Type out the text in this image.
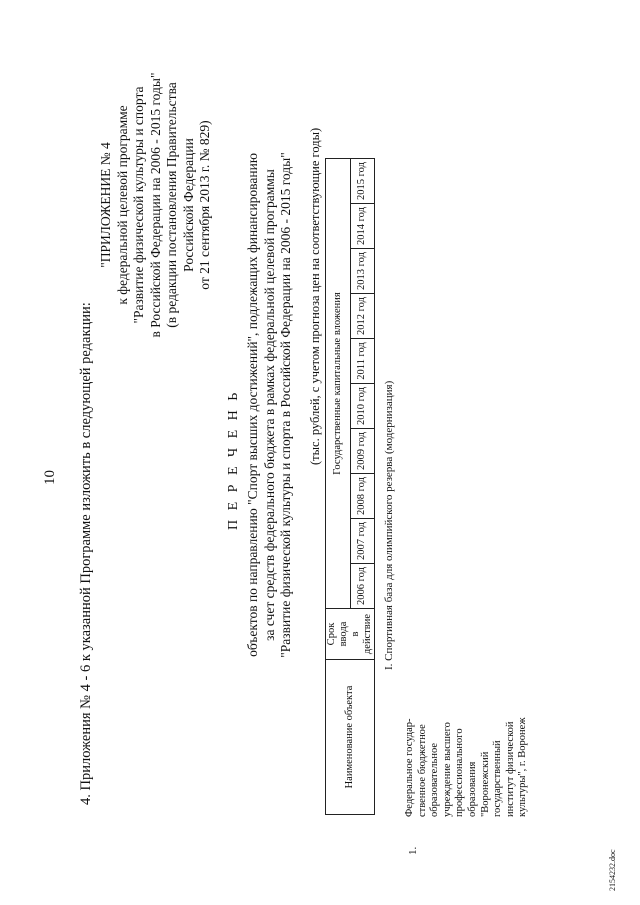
10 4. Приложения № 4 - 6 к указанной Программе изложить в следующей редакции:
"ПРИЛОЖЕНИЕ № 4 к федеральной целевой программе "Развитие физической культуры и спорта в Российской Федерации на 2006 - 2015 годы" (в редакции постановления Правительства Российской Федерации от 21 сентября 2013 г. № 829)
П Е Р Е Ч Е Н Ь объектов по направлению "Спорт высших достижений", подлежащих финансированию за счет средств федерального бюджета в рамках федеральной целевой программы "Развитие физической культуры и спорта в Российской Федерации на 2006 - 2015 годы" (тыс. рублей, с учетом прогноза цен на соответствующие годы)
Наименование объекта	Срок ввода в действие	Государственные капитальные вложения									
		2006 год	2007 год	2008 год	2009 год	2010 год	2011 год	2012 год	2013 год	2014 год	2015 год
I. Спортивная база для олимпийского резерва (модернизация)
1.
Федеральное государ- ственное бюджетное образовательное учреждение высшего профессионального образования "Воронежский государственный институт физической культуры", г. Воронеж
2154232.doc
